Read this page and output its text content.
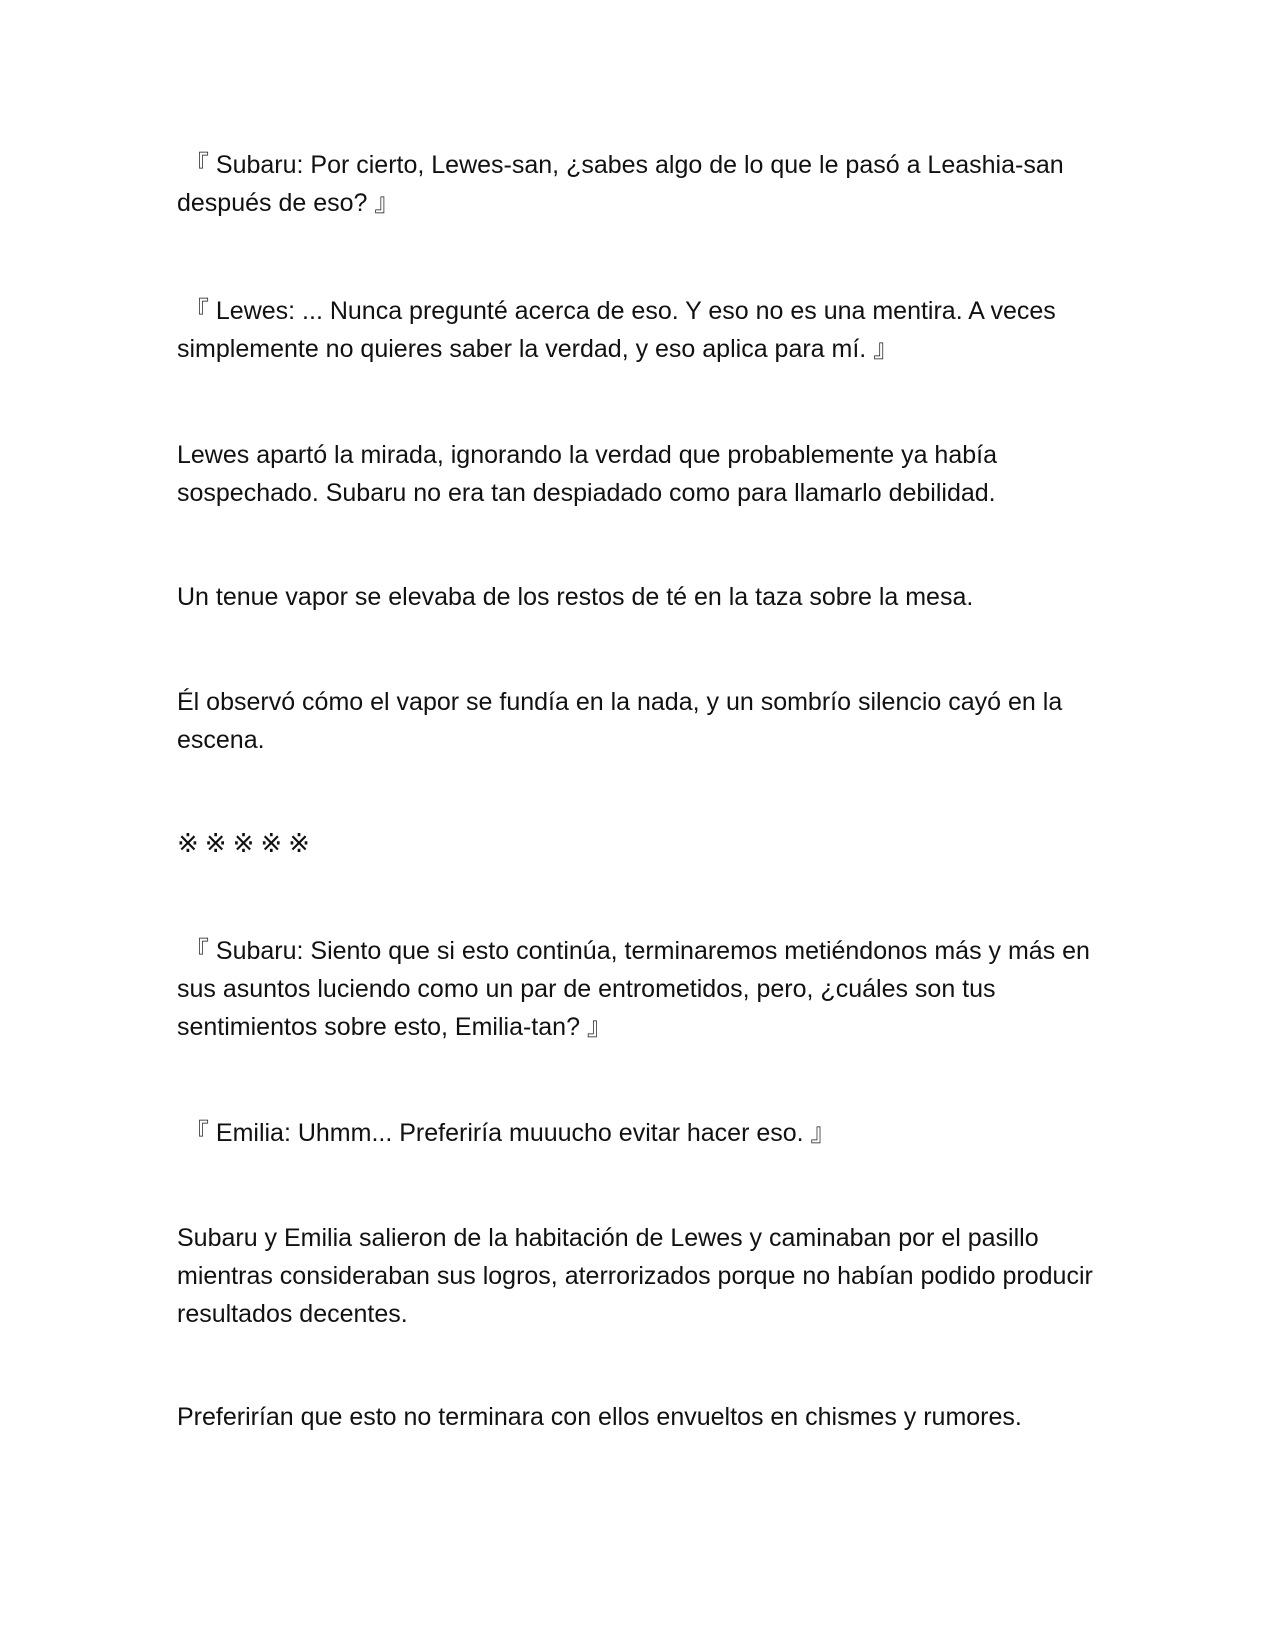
『 Subaru: Por cierto, Lewes-san, ¿sabes algo de lo que le pasó a Leashia-san después de eso? 』

『 Lewes: ... Nunca pregunté acerca de eso. Y eso no es una mentira. A veces simplemente no quieres saber la verdad, y eso aplica para mí. 』

Lewes apartó la mirada, ignorando la verdad que probablemente ya había sospechado. Subaru no era tan despiadado como para llamarlo debilidad.

Un tenue vapor se elevaba de los restos de té en la taza sobre la mesa.

Él observó cómo el vapor se fundía en la nada, y un sombrío silencio cayó en la escena.

※※※※※

『 Subaru: Siento que si esto continúa, terminaremos metiéndonos más y más en sus asuntos luciendo como un par de entrometidos, pero, ¿cuáles son tus sentimientos sobre esto, Emilia-tan? 』

『 Emilia: Uhmm... Preferiría muuucho evitar hacer eso. 』

Subaru y Emilia salieron de la habitación de Lewes y caminaban por el pasillo mientras consideraban sus logros, aterrorizados porque no habían podido producir resultados decentes.

Preferirían que esto no terminara con ellos envueltos en chismes y rumores.
